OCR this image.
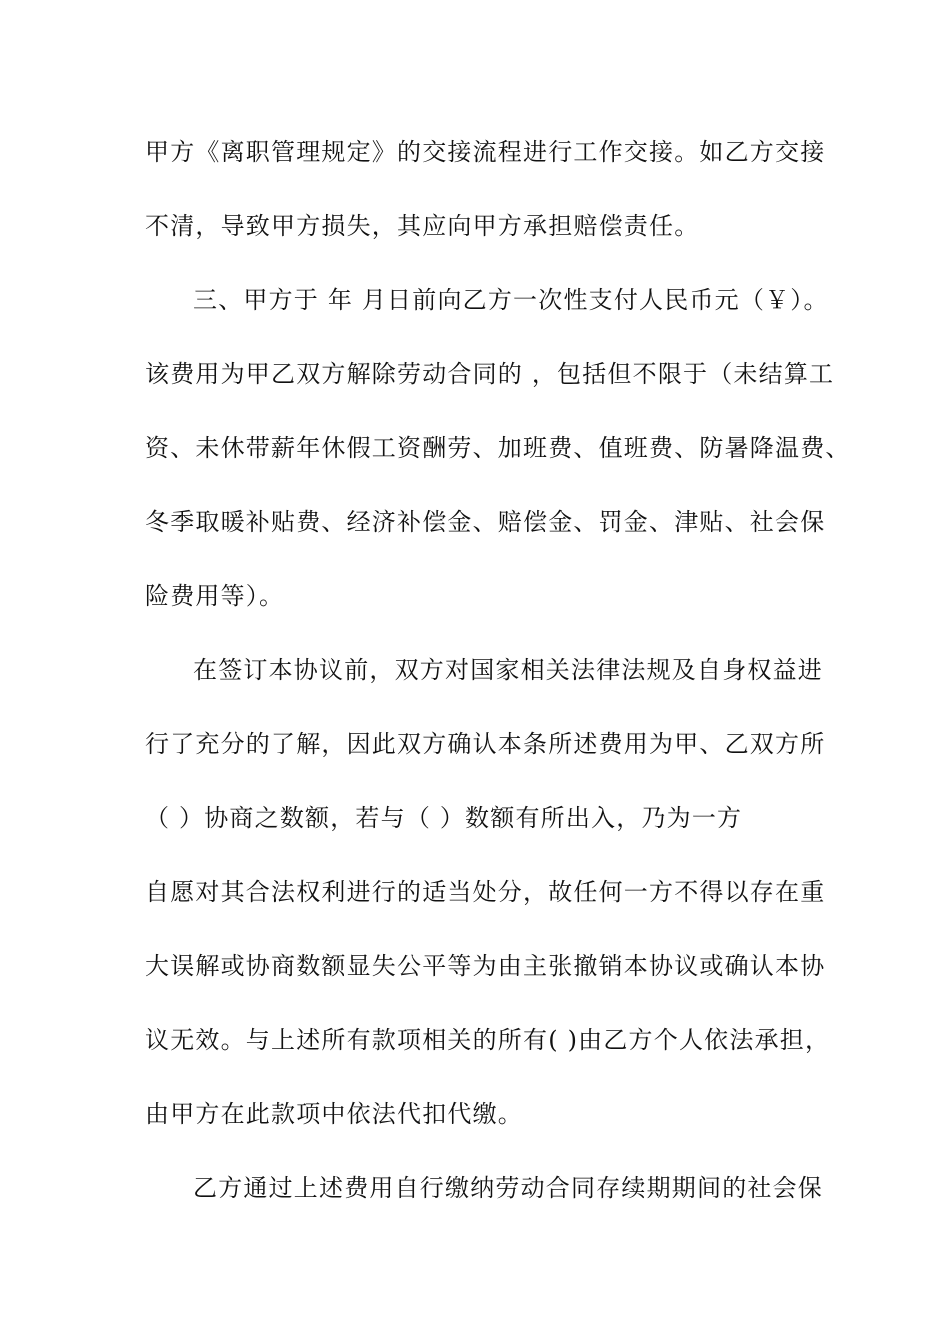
甲方《离职管理规定》的交接流程进行工作交接。如乙方交接
不清，导致甲方损失，其应向甲方承担赔偿责任。
三、甲方于 年 月日前向乙方一次性支付人民币元（￥）。
该费用为甲乙双方解除劳动合同的 ，包括但不限于（未结算工
资、未休带薪年休假工资酬劳、加班费、值班费、防暑降温费、
冬季取暖补贴费、经济补偿金、赔偿金、罚金、津贴、社会保
险费用等）。
在签订本协议前，双方对国家相关法律法规及自身权益进
行了充分的了解，因此双方确认本条所述费用为甲、乙双方所
（ ）协商之数额，若与（ ）数额有所出入，乃为一方
自愿对其合法权利进行的适当处分，故任何一方不得以存在重
大误解或协商数额显失公平等为由主张撤销本协议或确认本协
议无效。与上述所有款项相关的所有( )由乙方个人依法承担，
由甲方在此款项中依法代扣代缴。
乙方通过上述费用自行缴纳劳动合同存续期期间的社会保
